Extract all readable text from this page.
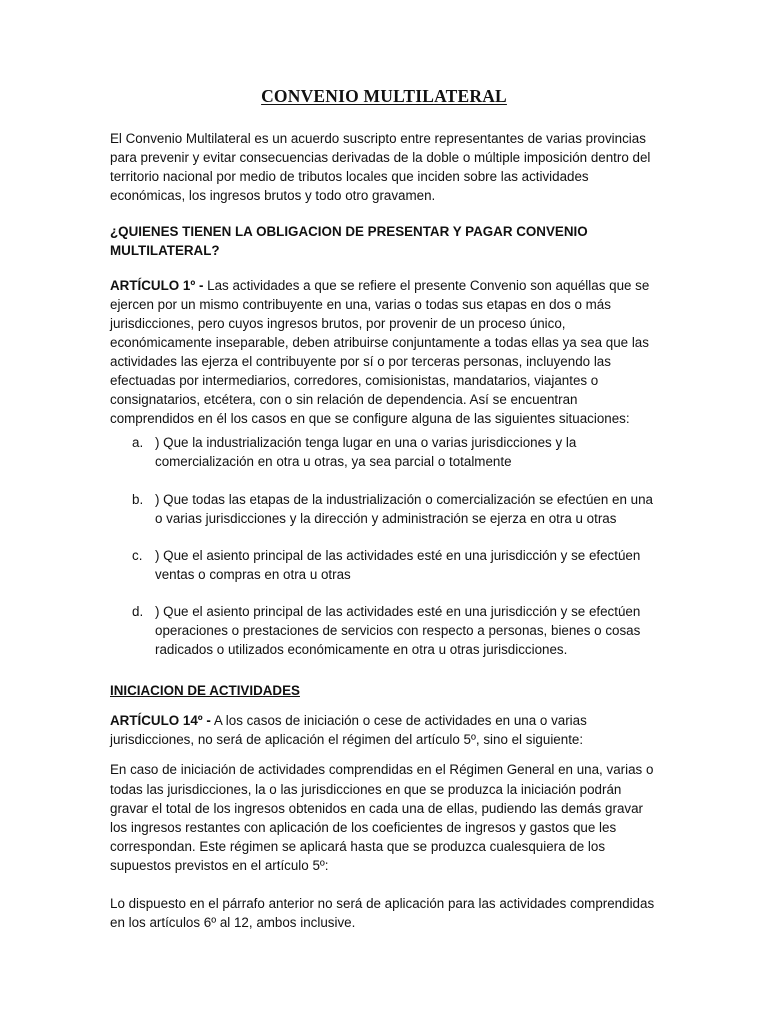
CONVENIO MULTILATERAL

El Convenio Multilateral es un acuerdo suscripto entre representantes de varias provincias para prevenir y evitar consecuencias derivadas de la doble o múltiple imposición dentro del territorio nacional por medio de tributos locales que inciden sobre las actividades económicas, los ingresos brutos y todo otro gravamen.

¿QUIENES TIENEN LA OBLIGACION DE PRESENTAR Y PAGAR CONVENIO MULTILATERAL?

ARTÍCULO 1º - Las actividades a que se refiere el presente Convenio son aquéllas que se ejercen por un mismo contribuyente en una, varias o todas sus etapas en dos o más jurisdicciones, pero cuyos ingresos brutos, por provenir de un proceso único, económicamente inseparable, deben atribuirse conjuntamente a todas ellas ya sea que las actividades las ejerza el contribuyente por sí o por terceras personas, incluyendo las efectuadas por intermediarios, corredores, comisionistas, mandatarios, viajantes o consignatarios, etcétera, con o sin relación de dependencia. Así se encuentran comprendidos en él los casos en que se configure alguna de las siguientes situaciones:

a. ) Que la industrialización tenga lugar en una o varias jurisdicciones y la comercialización en otra u otras, ya sea parcial o totalmente
b. ) Que todas las etapas de la industrialización o comercialización se efectúen en una o varias jurisdicciones y la dirección y administración se ejerza en otra u otras
c. ) Que el asiento principal de las actividades esté en una jurisdicción y se efectúen ventas o compras en otra u otras
d. ) Que el asiento principal de las actividades esté en una jurisdicción y se efectúen operaciones o prestaciones de servicios con respecto a personas, bienes o cosas radicados o utilizados económicamente en otra u otras jurisdicciones.

INICIACION DE ACTIVIDADES

ARTÍCULO 14º - A los casos de iniciación o cese de actividades en una o varias jurisdicciones, no será de aplicación el régimen del artículo 5º, sino el siguiente:

En caso de iniciación de actividades comprendidas en el Régimen General en una, varias o todas las jurisdicciones, la o las jurisdicciones en que se produzca la iniciación podrán gravar el total de los ingresos obtenidos en cada una de ellas, pudiendo las demás gravar los ingresos restantes con aplicación de los coeficientes de ingresos y gastos que les correspondan. Este régimen se aplicará hasta que se produzca cualesquiera de los supuestos previstos en el artículo 5º:

Lo dispuesto en el párrafo anterior no será de aplicación para las actividades comprendidas en los artículos 6º al 12, ambos inclusive.
